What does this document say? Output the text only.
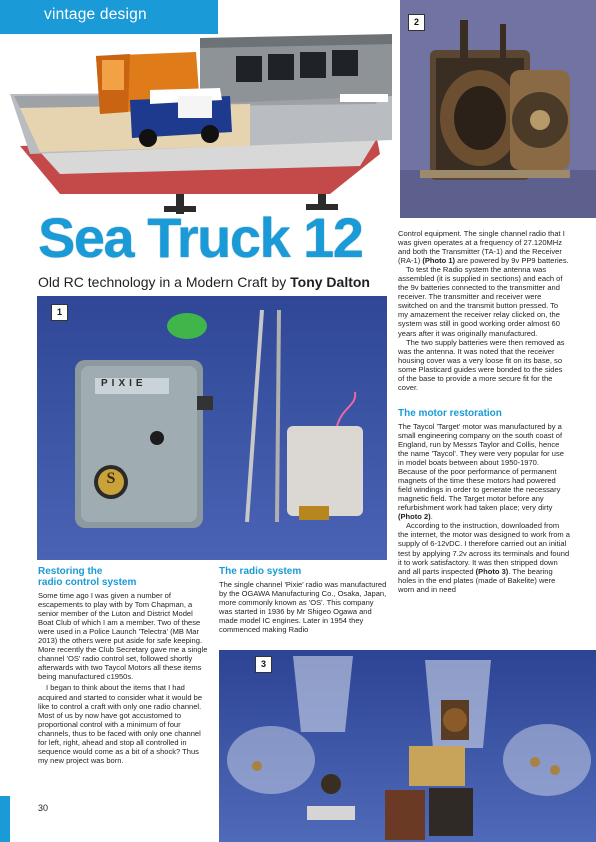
vintage design	2
Sea Truck 12
Old RC technology in a Modern Craft by Tony Dalton
PIXIE
S
1
Restoring the
radio control system

Some time ago I was given a number of escapements to play with by Tom Chapman, a senior member of the Luton and District Model Boat Club of which I am a member. Two of these were used in a Police Launch 'Telectra' (MB Mar 2013) the others were put aside for safe keeping. More recently the Club Secretary gave me a single channel 'OS' radio control set, followed shortly afterwards with two Taycol Motors all these items being manufactured c1950s.

I began to think about the items that I had acquired and started to consider what it would be like to control a craft with only one radio channel. Most of us by now have got accustomed to proportional control with a minimum of four channels, thus to be faced with only one channel for left, right, ahead and stop all controlled in sequence would come as a bit of a shock? Thus my new project was born.

The radio system

The single channel 'Pixie' radio was manufactured by the OGAWA Manufacturing Co., Osaka, Japan, more commonly known as 'OS'. This company was started in 1936 by Mr Shigeo Ogawa and made model IC engines. Later in 1954 they commenced making Radio

Control equipment. The single channel radio that I was given operates at a frequency of 27.120MHz and both the Transmitter (TA-1) and the Receiver (RA-1) (Photo 1) are powered by 9v PP9 batteries.

To test the Radio system the antenna was assembled (it is supplied in sections) and each of the 9v batteries connected to the transmitter and receiver. The transmitter and receiver were switched on and the transmit button pressed. To my amazement the receiver relay clicked on, the system was still in good working order almost 60 years after it was originally manufactured.

The two supply batteries were then removed as was the antenna. It was noted that the receiver housing cover was a very loose fit on its base, so some Plasticard guides were bonded to the sides of the base to provide a more secure fit for the cover.

The motor restoration

The Taycol 'Target' motor was manufactured by a small engineering company on the south coast of England, run by Messrs Taylor and Collis, hence the name 'Taycol'. They were very popular for use in model boats between about 1950-1970. Because of the poor performance of permanent magnets of the time these motors had powered field windings in order to generate the necessary magnetic field. The Target motor before any refurbishment work had taken place; very dirty (Photo 2).

According to the instruction, downloaded from the internet, the motor was designed to work from a supply of 6-12vDC. I therefore carried out an initial test by applying 7.2v across its terminals and found it to work satisfactory. It was then stripped down and all parts inspected (Photo 3). The bearing holes in the end plates (made of Bakelite) were worn and in need

3
30
